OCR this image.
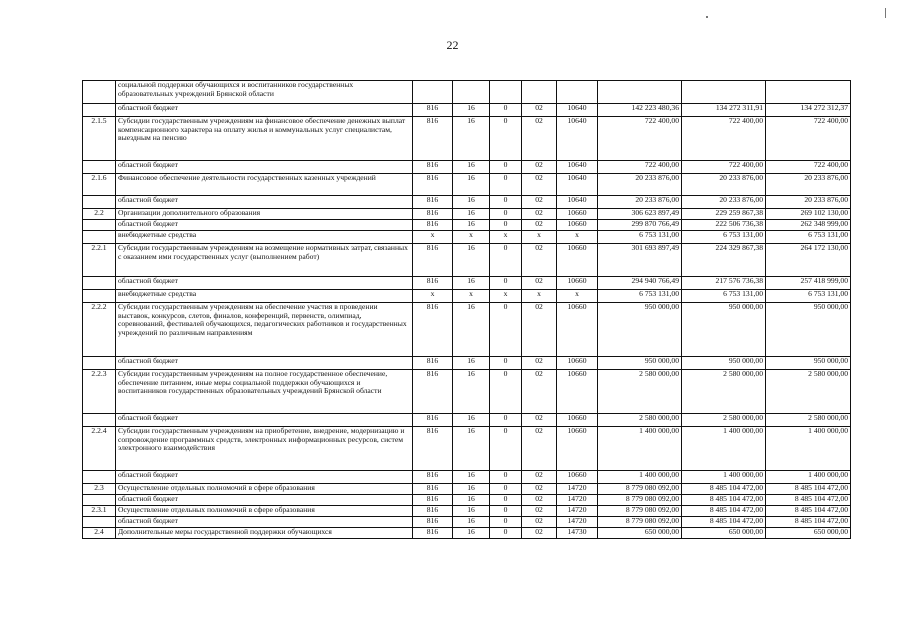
22
	социальной поддержки обучающихся и воспитанников государственных образовательных учреждений Брянской области								
	областной бюджет	816	16	0	02	10640	142 223 480,36	134 272 311,91	134 272 312,37
2.1.5	Субсидии государственным учреждениям на финансовое обеспечение денежных выплат компенсационного характера на оплату жилья и коммунальных услуг специалистам, выездным на пенсию	816	16	0	02	10640	722 400,00	722 400,00	722 400,00
	областной бюджет	816	16	0	02	10640	722 400,00	722 400,00	722 400,00
2.1.6	Финансовое обеспечение деятельности государственных казенных учреждений	816	16	0	02	10640	20 233 876,00	20 233 876,00	20 233 876,00
	областной бюджет	816	16	0	02	10640	20 233 876,00	20 233 876,00	20 233 876,00
2.2	Организации дополнительного образования	816	16	0	02	10660	306 623 897,49	229 259 867,38	269 102 130,00
	областной бюджет	816	16	0	02	10660	299 870 766,49	222 506 736,38	262 348 999,00
	внебюджетные средства	x	x	x	x	x	6 753 131,00	6 753 131,00	6 753 131,00
2.2.1	Субсидии государственным учреждениям на возмещение нормативных затрат, связанных с оказанием ими государственных услуг (выполнением работ)	816	16	0	02	10660	301 693 897,49	224 329 867,38	264 172 130,00
	областной бюджет	816	16	0	02	10660	294 940 766,49	217 576 736,38	257 418 999,00
	внебюджетные средства	x	x	x	x	x	6 753 131,00	6 753 131,00	6 753 131,00
2.2.2	Субсидии государственным учреждениям на обеспечение участия в проведении выставок, конкурсов, слетов, финалов, конференций, первенств, олимпиад, соревнований, фестивалей обучающихся, педагогических работников и государственных учреждений по различным направлениям	816	16	0	02	10660	950 000,00	950 000,00	950 000,00
	областной бюджет	816	16	0	02	10660	950 000,00	950 000,00	950 000,00
2.2.3	Субсидии государственным учреждениям на полное государственное обеспечение, обеспечение питанием, иные меры социальной поддержки обучающихся и воспитанников государственных образовательных учреждений Брянской области	816	16	0	02	10660	2 580 000,00	2 580 000,00	2 580 000,00
	областной бюджет	816	16	0	02	10660	2 580 000,00	2 580 000,00	2 580 000,00
2.2.4	Субсидии государственным учреждениям на приобретение, внедрение, модернизацию и сопровождение программных средств, электронных информационных ресурсов, систем электронного взаимодействия	816	16	0	02	10660	1 400 000,00	1 400 000,00	1 400 000,00
	областной бюджет	816	16	0	02	10660	1 400 000,00	1 400 000,00	1 400 000,00
2.3	Осуществление отдельных полномочий в сфере образования	816	16	0	02	14720	8 779 080 092,00	8 485 104 472,00	8 485 104 472,00
	областной бюджет	816	16	0	02	14720	8 779 080 092,00	8 485 104 472,00	8 485 104 472,00
2.3.1	Осуществление отдельных полномочий в сфере образования	816	16	0	02	14720	8 779 080 092,00	8 485 104 472,00	8 485 104 472,00
	областной бюджет	816	16	0	02	14720	8 779 080 092,00	8 485 104 472,00	8 485 104 472,00
2.4	Дополнительные меры государственной поддержки обучающихся	816	16	0	02	14730	650 000,00	650 000,00	650 000,00
